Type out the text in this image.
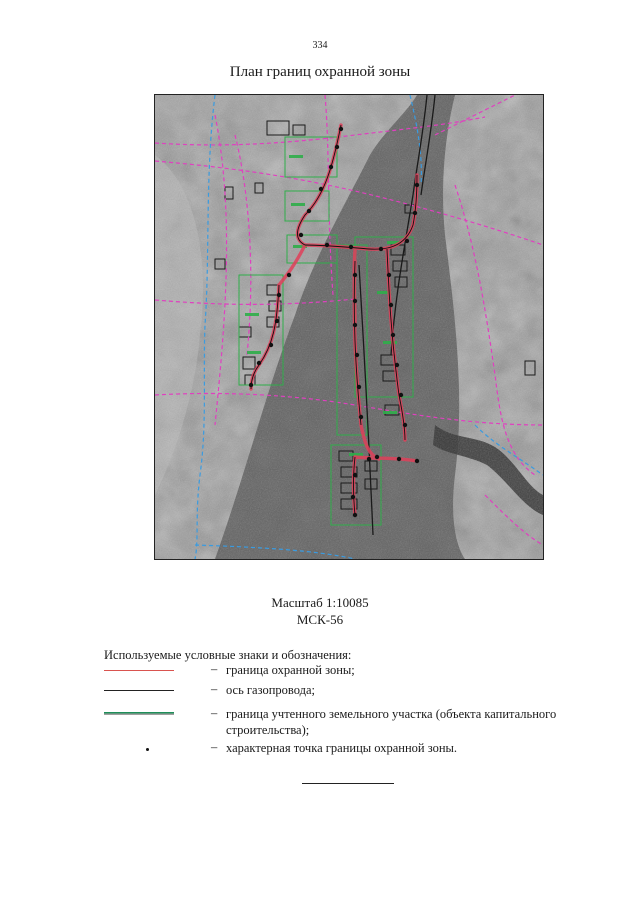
334
План границ охранной зоны
Масштаб 1:10085
МСК-56
Используемые условные знаки и обозначения:
– граница охранной зоны;
– ось газопровода;
– граница учтенного земельного участка (объекта капитального строительства);
– характерная точка границы охранной зоны.
